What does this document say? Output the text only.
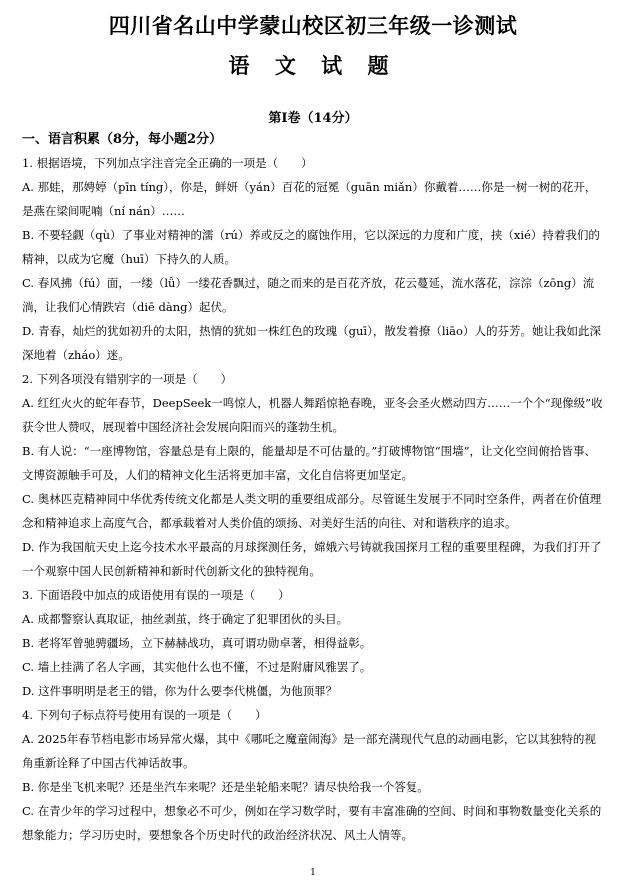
四川省名山中学蒙山校区初三年级一诊测试
语 文 试 题
第Ⅰ卷（14分）
一、语言积累（8分，每小题2分）

1. 根据语境，下列加点字注音完全正确的一项是（　　）

A. 那蛙，那娉婷（pīn tíng），你是，鲜妍（yán）百花的冠冕（guān miǎn）你戴着……你是一树一树的花开，是燕在梁间呢喃（ní nán）……

B. 不要轻觑（qù）了事业对精神的濡（rú）养或反之的腐蚀作用，它以深远的力度和广度，挟（xié）持着我们的精神，以成为它魔（huī）下持久的人质。

C. 春风拂（fú）面，一缕（lǚ）一缕花香飘过，随之而来的是百花齐放，花云蔓延，流水落花，淙淙（zōng）流淌，让我们心情跌宕（diē dàng）起伏。

D. 青春，灿烂的犹如初升的太阳，热情的犹如一株红色的玫瑰（guī），散发着撩（liāo）人的芬芳。她让我如此深深地着（zháo）迷。

2. 下列各项没有错别字的一项是（　　）

A. 红红火火的蛇年春节，DeepSeek一鸣惊人，机器人舞蹈惊艳春晚，亚冬会圣火燃动四方……一个个“现像级”收获令世人赞叹，展现着中国经济社会发展向阳而兴的蓬勃生机。

B. 有人说：“一座博物馆，容量总是有上限的，能量却是不可估量的。”打破博物馆“围墙”，让文化空间俯拾皆事、文博资源触手可及，人们的精神文化生活将更加丰富，文化自信将更加坚定。

C. 奥林匹克精神同中华优秀传统文化都是人类文明的重要组成部分。尽管诞生发展于不同时空条件，两者在价值理念和精神追求上高度气合，都承载着对人类价值的颂扬、对美好生活的向往、对和谐秩序的追求。

D. 作为我国航天史上迄今技术水平最高的月球探测任务，嫦娥六号铸就我国探月工程的重要里程碑，为我们打开了一个观察中国人民创新精神和新时代创新文化的独特视角。

3. 下面语段中加点的成语使用有误的一项是（　　）

A. 成都警察认真取证，抽丝剥茧，终于确定了犯罪团伙的头目。

B. 老将军曾驰骋疆场，立下赫赫战功，真可谓功勋卓著，相得益彰。

C. 墙上挂满了名人字画，其实他什么也不懂，不过是附庸风雅罢了。

D. 这件事明明是老王的错，你为什么要李代桃僵，为他顶罪？

4. 下列句子标点符号使用有误的一项是（　　）

A. 2025年春节档电影市场异常火爆，其中《哪吒之魔童闹海》是一部充满现代气息的动画电影，它以其独特的视角重新诠释了中国古代神话故事。

B. 你是坐飞机来呢？还是坐汽车来呢？还是坐轮船来呢？请尽快给我一个答复。

C. 在青少年的学习过程中，想象必不可少，例如在学习数学时，要有丰富准确的空间、时间和事物数量变化关系的想象能力；学习历史时，要想象各个历史时代的政治经济状况、风土人情等。

1
